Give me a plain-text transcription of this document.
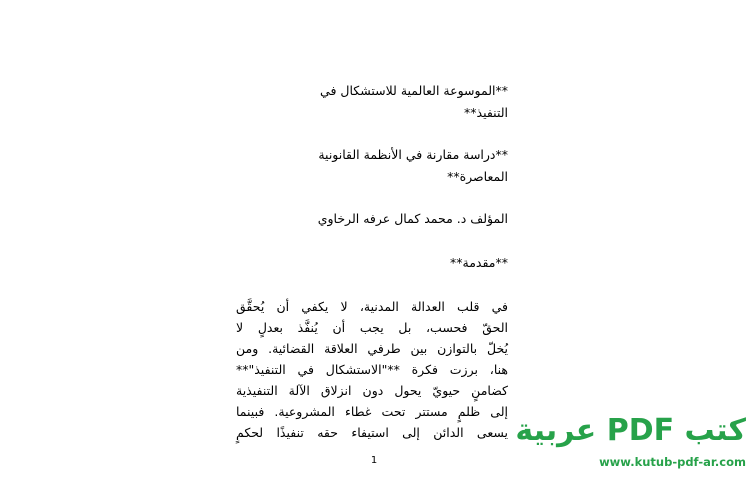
**الموسوعة العالمية للاستشكال في
التنفيذ**
**دراسة مقارنة في الأنظمة القانونية
المعاصرة**
المؤلف د. محمد كمال عرفه الرخاوي
**مقدمة**
في قلب العدالة المدنية، لا يكفي أن يُحقَّق
الحقّ فحسب، بل يجب أن يُنفَّذ بعدلٍ لا
يُخلّ بالتوازن بين طرفي العلاقة القضائية. ومن
هنا، برزت فكرة **"الاستشكال في التنفيذ"**
كضامنٍ حيويّ يحول دون انزلاق الآلة التنفيذية
إلى ظلمٍ مستتر تحت غطاء المشروعية. فبينما
يسعى الدائن إلى استيفاء حقه تنفيذًا لحكمٍ
1
كتب PDF عربية
www.kutub-pdf-ar.com
